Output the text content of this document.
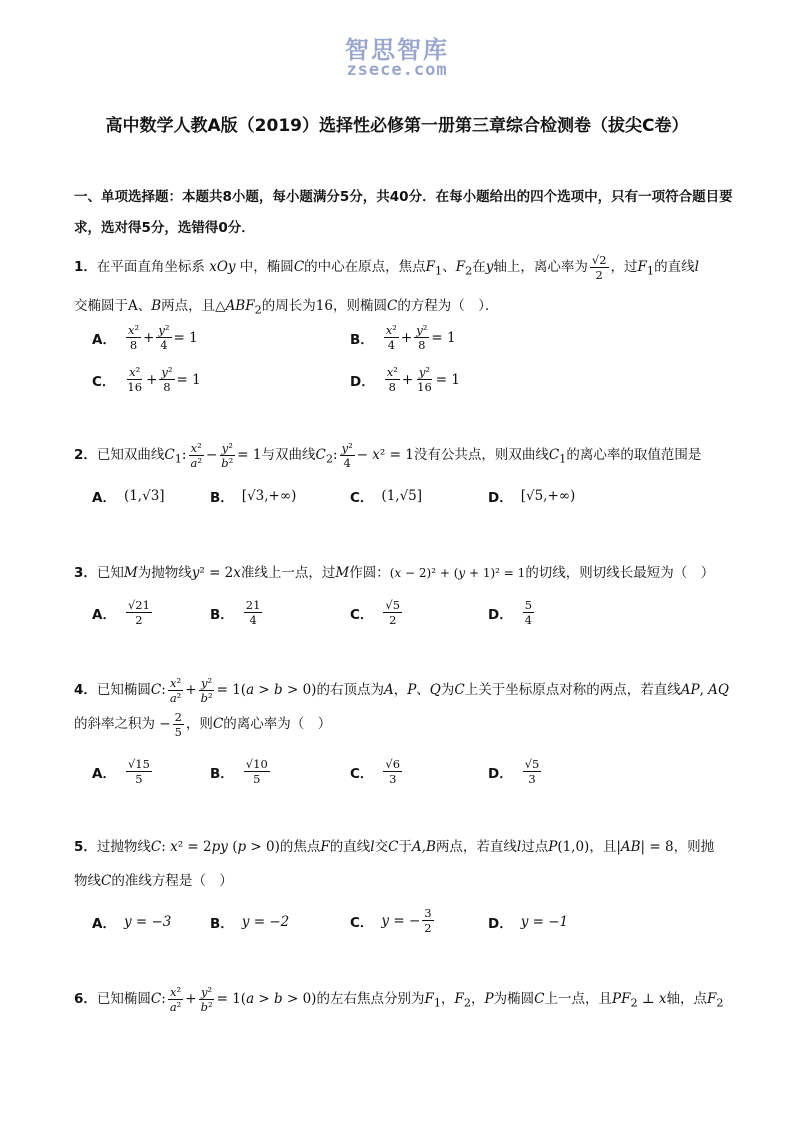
智思智库
zsece.com
高中数学人教A版（2019）选择性必修第一册第三章综合检测卷（拔尖C卷）
一、单项选择题：本题共8小题，每小题满分5分，共40分．在每小题给出的四个选项中，只有一项符合题目要求，选对得5分，选错得0分．
1．在平面直角坐标系 xOy 中，椭圆C的中心在原点，焦点$F_1$、$F_2$在y轴上，离心率为 $\frac{√2}{2}$ ，过$F_1$的直线l
交椭圆于A、B两点，且$\triangle ABF_2$的周长为16，则椭圆C的方程为（　）．
A． $\frac{\text{x²}}{8} + \frac{\text{y²}}{4} = 1$	B． $\frac{\text{x²}}{4} + \frac{\text{y²}}{8} = 1$
C． $\frac{\text{x²}}{16} + \frac{\text{y²}}{8} = 1$	D． $\frac{\text{x²}}{8} + \frac{\text{y²}}{16} = 1$
2．已知双曲线$C_1$: $\frac{\text{x²}}{\text{a²}} - \frac{\text{y²}}{\text{b²}} = 1$与双曲线$C_2$: $\frac{\text{y²}}{4} - x^2 = 1$没有公共点，则双曲线$C_1$的离心率的取值范围是
A． (1,√3]	B． [√3,+∞)	C． (1,√5]	D． [√5,+∞)
3．已知M为抛物线y² = 2x准线上一点，过M作圆：(x − 2)² + (y + 1)² = 1的切线，则切线长最短为（　）
A． $\frac{√21}{2}$	B． $\frac{21}{4}$	C． $\frac{√5}{2}$	D． $\frac{5}{4}$
4．已知椭圆C: $\frac{\text{x²}}{\text{a²}} + \frac{\text{y²}}{\text{b²}} = 1(a > b > 0)$的右顶点为A，P、Q为C上关于坐标原点对称的两点，若直线AP, AQ
的斜率之积为 − $\frac{2}{5}$ ，则C的离心率为（　）
A． $\frac{√15}{5}$	B． $\frac{√10}{5}$	C． $\frac{√6}{3}$	D． $\frac{√5}{3}$
5．过抛物线C: x² = 2py (p > 0)的焦点F的直线l交C于A,B两点，若直线l过点P(1,0)，且|AB| = 8，则抛
物线C的准线方程是（　）
A． y = −3	B． y = −2	C． y = − $\frac{3}{2}$	D． y = −1
6．已知椭圆C: $\frac{\text{x²}}{\text{a²}} + \frac{\text{y²}}{\text{b²}} = 1(a > b > 0)$的左右焦点分别为$F_1$，$F_2$，P为椭圆C上一点，且$PF_2$ ⊥ x轴，点$F_2$
